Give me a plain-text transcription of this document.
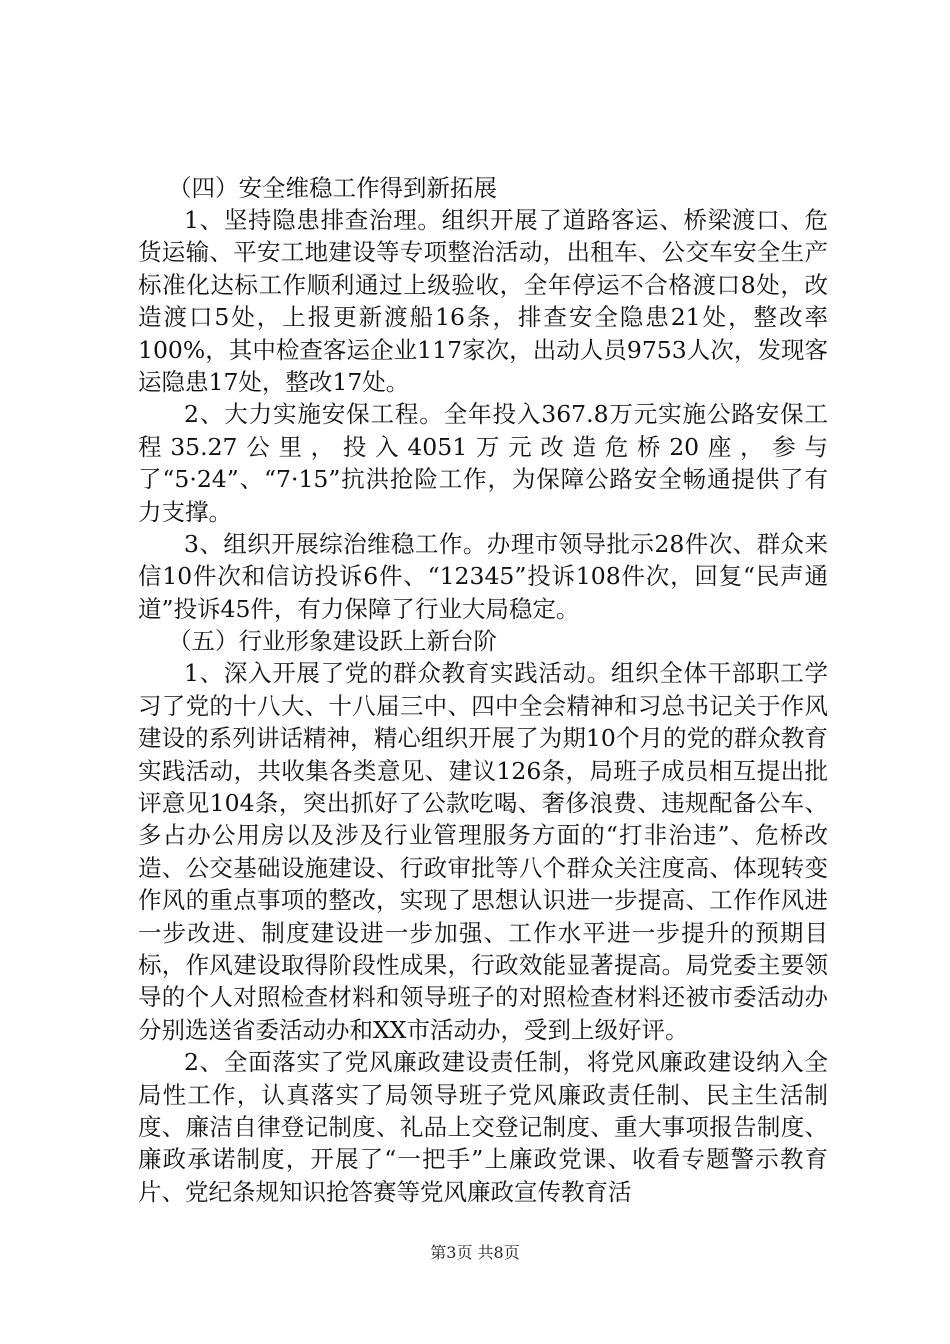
（四）安全维稳工作得到新拓展

1、坚持隐患排查治理。组织开展了道路客运、桥梁渡口、危货运输、平安工地建设等专项整治活动，出租车、公交车安全生产标准化达标工作顺利通过上级验收，全年停运不合格渡口8处，改造渡口5处，上报更新渡船16条，排查安全隐患21处，整改率100%，其中检查客运企业117家次，出动人员9753人次，发现客运隐患17处，整改17处。

2、大力实施安保工程。全年投入367.8万元实施公路安保工程35.27公里，投入4051万元改造危桥20座，参与了“5·24”、“7·15”抗洪抢险工作，为保障公路安全畅通提供了有力支撑。

3、组织开展综治维稳工作。办理市领导批示28件次、群众来信10件次和信访投诉6件、“12345”投诉108件次，回复“民声通道”投诉45件，有力保障了行业大局稳定。

（五）行业形象建设跃上新台阶

1、深入开展了党的群众教育实践活动。组织全体干部职工学习了党的十八大、十八届三中、四中全会精神和习总书记关于作风建设的系列讲话精神，精心组织开展了为期10个月的党的群众教育实践活动，共收集各类意见、建议126条，局班子成员相互提出批评意见104条，突出抓好了公款吃喝、奢侈浪费、违规配备公车、多占办公用房以及涉及行业管理服务方面的“打非治违”、危桥改造、公交基础设施建设、行政审批等八个群众关注度高、体现转变作风的重点事项的整改，实现了思想认识进一步提高、工作作风进一步改进、制度建设进一步加强、工作水平进一步提升的预期目标，作风建设取得阶段性成果，行政效能显著提高。局党委主要领导的个人对照检查材料和领导班子的对照检查材料还被市委活动办分别选送省委活动办和XX市活动办，受到上级好评。

2、全面落实了党风廉政建设责任制，将党风廉政建设纳入全局性工作，认真落实了局领导班子党风廉政责任制、民主生活制度、廉洁自律登记制度、礼品上交登记制度、重大事项报告制度、廉政承诺制度，开展了“一把手”上廉政党课、收看专题警示教育片、党纪条规知识抢答赛等党风廉政宣传教育活

第3页 共8页
